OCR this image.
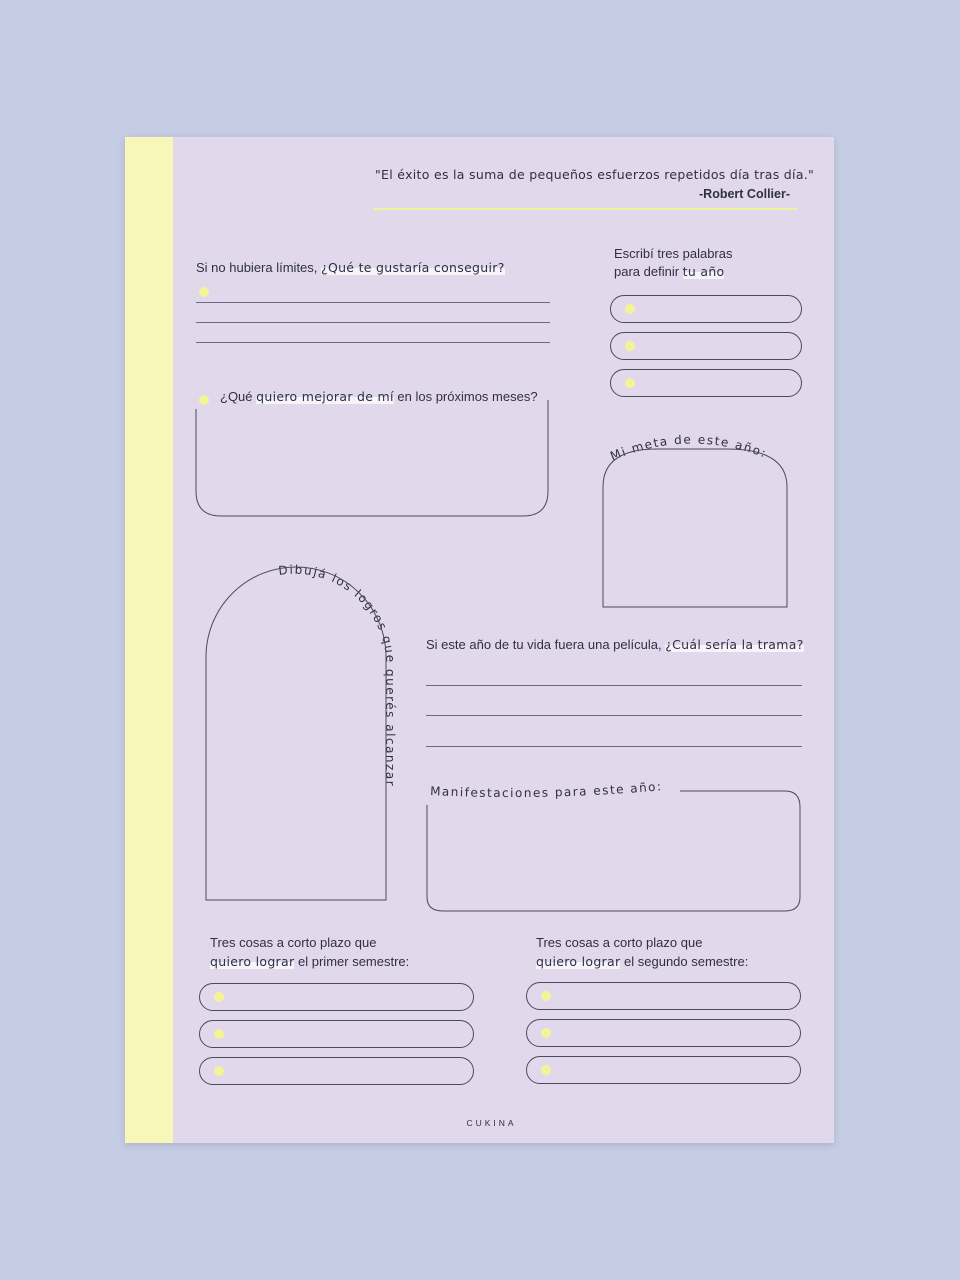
"El éxito es la suma de pequeños esfuerzos repetidos día tras día."
-Robert Collier-
Si no hubiera límites, ¿Qué te gustaría conseguir?
Escribí tres palabras
para definir tu año
¿Qué quiero mejorar de mí en los próximos meses?
Mi meta de este año:
Dibujá los logros que querés alcanzar
Si este año de tu vida fuera una película, ¿Cuál sería la trama?
Manifestaciones para este año:
Tres cosas a corto plazo que
quiero lograr el primer semestre:
Tres cosas a corto plazo que
quiero lograr el segundo semestre:
CUKINA
